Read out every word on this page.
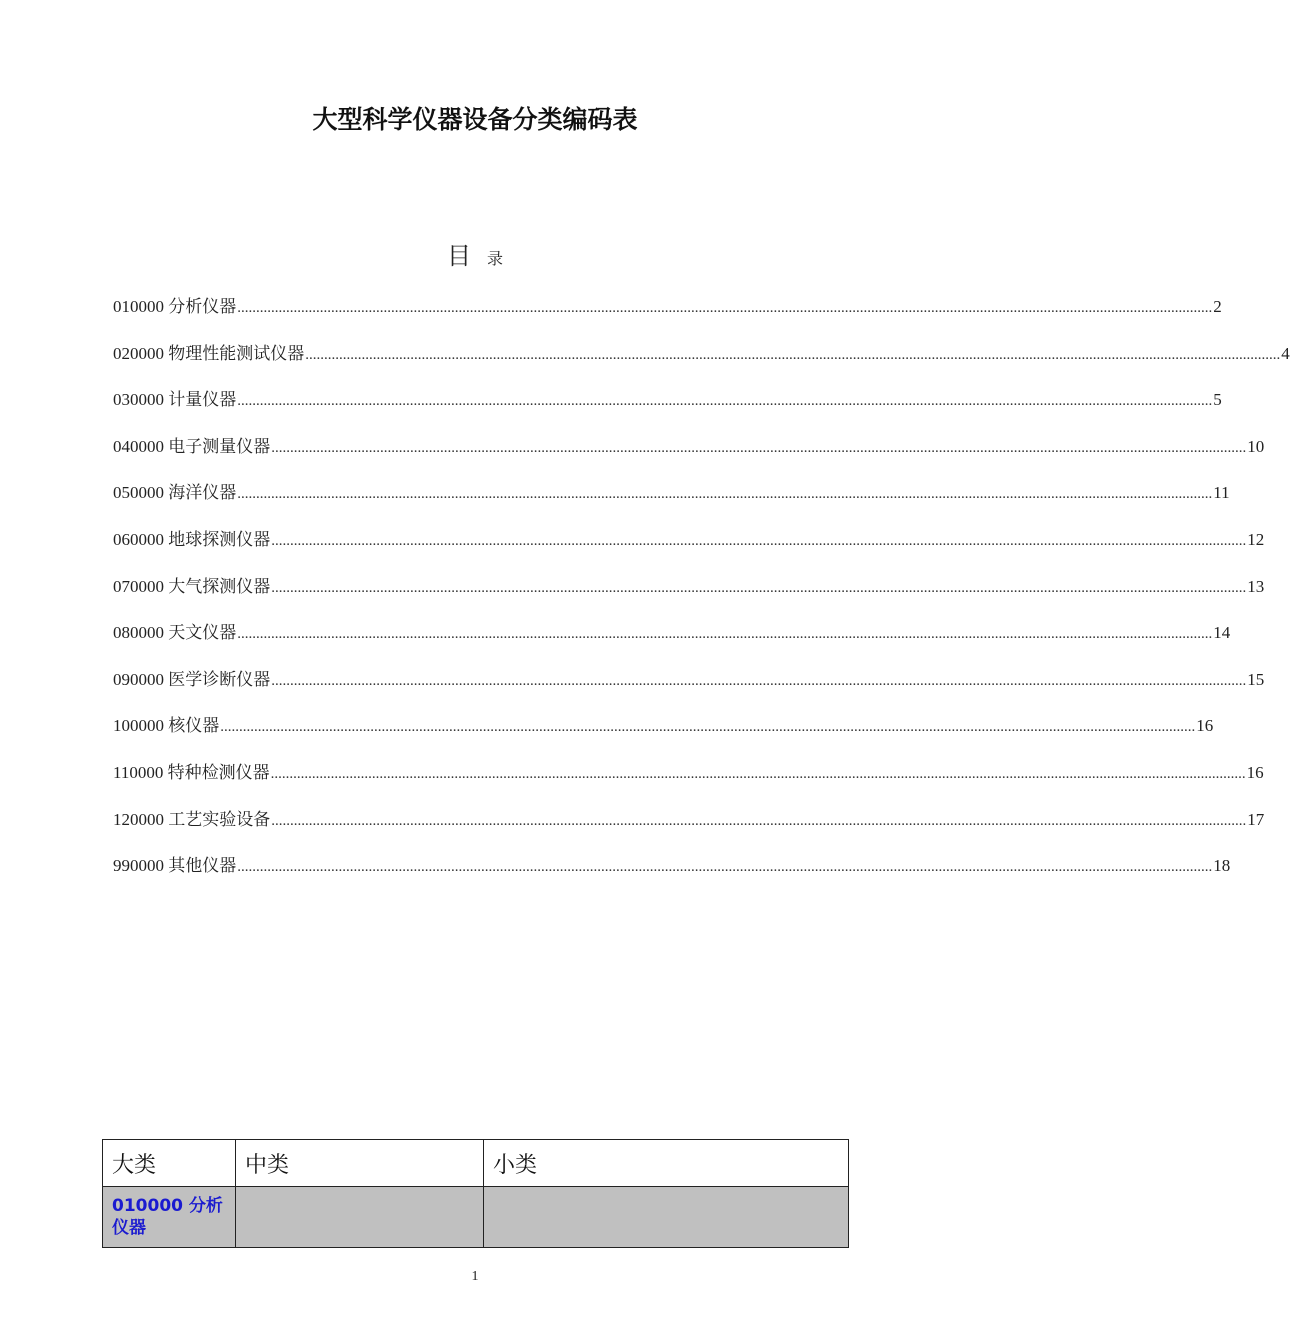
大型科学仪器设备分类编码表
目 录
010000 分析仪器 .................................................................................................................................................................................................................................................................... 2
020000 物理性能测试仪器 .................................................................................................................................................................................................................................................................... 4
030000 计量仪器 .................................................................................................................................................................................................................................................................... 5
040000 电子测量仪器 .................................................................................................................................................................................................................................................................... 10
050000 海洋仪器 .................................................................................................................................................................................................................................................................... 11
060000 地球探测仪器 .................................................................................................................................................................................................................................................................... 12
070000 大气探测仪器 .................................................................................................................................................................................................................................................................... 13
080000 天文仪器 .................................................................................................................................................................................................................................................................... 14
090000 医学诊断仪器 .................................................................................................................................................................................................................................................................... 15
100000 核仪器 .................................................................................................................................................................................................................................................................... 16
110000 特种检测仪器 .................................................................................................................................................................................................................................................................... 16
120000 工艺实验设备 .................................................................................................................................................................................................................................................................... 17
990000 其他仪器 .................................................................................................................................................................................................................................................................... 18
大类	中类	小类
010000 分析仪器		
1
